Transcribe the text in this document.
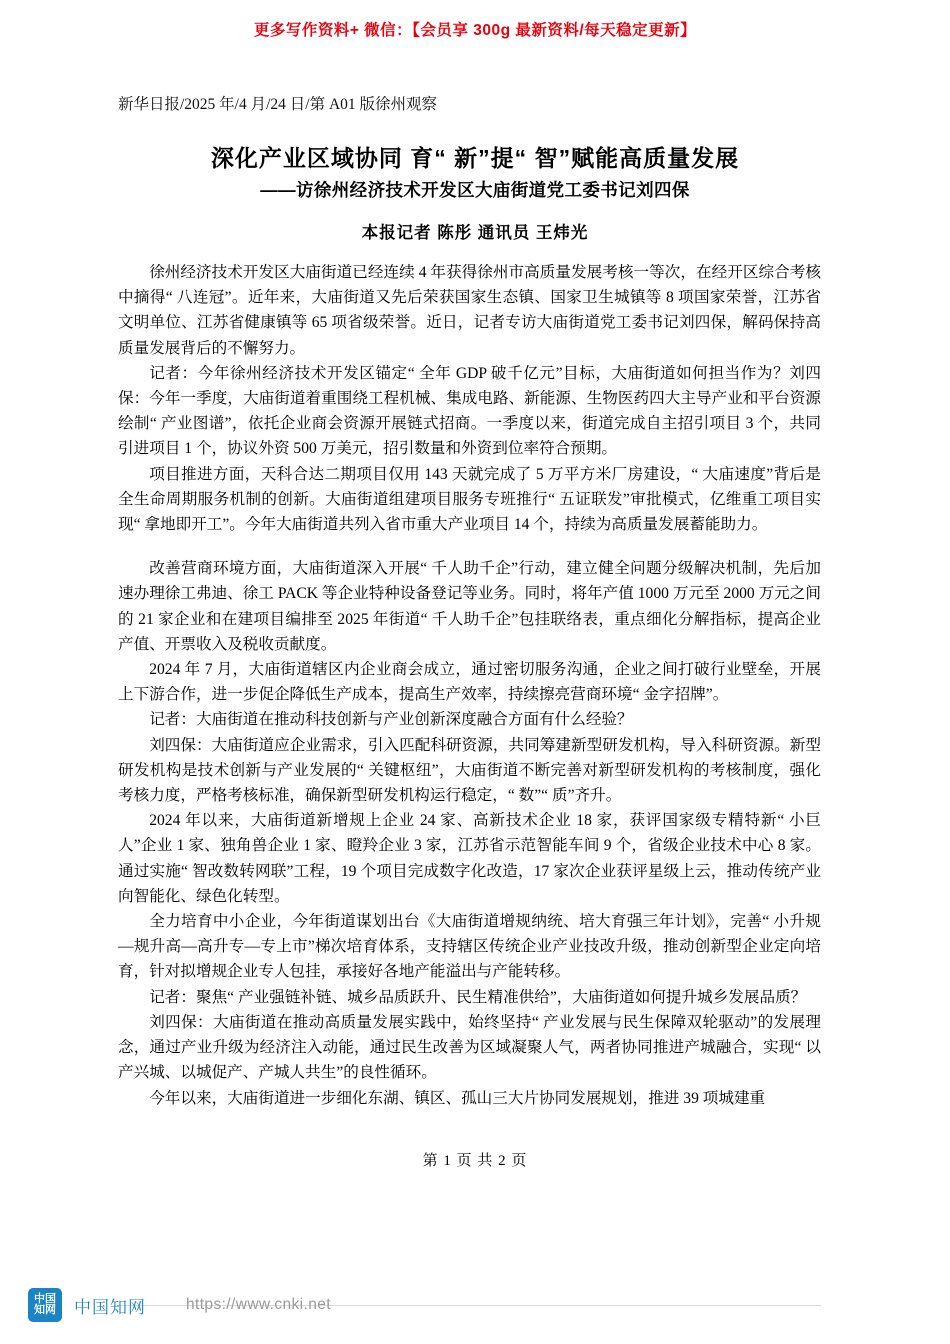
更多写作资料+ 微信：【会员享 300g 最新资料/每天稳定更新】
新华日报/2025 年/4 月/24 日/第 A01 版徐州观察
深化产业区域协同 育“ 新”提“ 智”赋能高质量发展
——访徐州经济技术开发区大庙街道党工委书记刘四保
本报记者 陈彤 通讯员 王炜光

徐州经济技术开发区大庙街道已经连续 4 年获得徐州市高质量发展考核一等次，在经开区综合考核中摘得“ 八连冠”。近年来，大庙街道又先后荣获国家生态镇、国家卫生城镇等 8 项国家荣誉，江苏省文明单位、江苏省健康镇等 65 项省级荣誉。近日，记者专访大庙街道党工委书记刘四保，解码保持高质量发展背后的不懈努力。

记者：今年徐州经济技术开发区锚定“ 全年 GDP 破千亿元”目标，大庙街道如何担当作为？刘四保：今年一季度，大庙街道着重围绕工程机械、集成电路、新能源、生物医药四大主导产业和平台资源绘制“ 产业图谱”，依托企业商会资源开展链式招商。一季度以来，街道完成自主招引项目 3 个，共同引进项目 1 个，协议外资 500 万美元，招引数量和外资到位率符合预期。

项目推进方面，天科合达二期项目仅用 143 天就完成了 5 万平方米厂房建设，“ 大庙速度”背后是全生命周期服务机制的创新。大庙街道组建项目服务专班推行“ 五证联发”审批模式，亿维重工项目实现“ 拿地即开工”。今年大庙街道共列入省市重大产业项目 14 个，持续为高质量发展蓄能助力。

改善营商环境方面，大庙街道深入开展“ 千人助千企”行动，建立健全问题分级解决机制，先后加速办理徐工弗迪、徐工 PACK 等企业特种设备登记等业务。同时，将年产值 1000 万元至 2000 万元之间的 21 家企业和在建项目编排至 2025 年街道“ 千人助千企”包挂联络表，重点细化分解指标，提高企业产值、开票收入及税收贡献度。

2024 年 7 月，大庙街道辖区内企业商会成立，通过密切服务沟通，企业之间打破行业壁垒，开展上下游合作，进一步促企降低生产成本，提高生产效率，持续擦亮营商环境“ 金字招牌”。

记者：大庙街道在推动科技创新与产业创新深度融合方面有什么经验？

刘四保：大庙街道应企业需求，引入匹配科研资源，共同筹建新型研发机构，导入科研资源。新型研发机构是技术创新与产业发展的“ 关键枢纽”，大庙街道不断完善对新型研发机构的考核制度，强化考核力度，严格考核标准，确保新型研发机构运行稳定，“ 数”“ 质”齐升。

2024 年以来，大庙街道新增规上企业 24 家、高新技术企业 18 家，获评国家级专精特新“ 小巨人”企业 1 家、独角兽企业 1 家、瞪羚企业 3 家，江苏省示范智能车间 9 个，省级企业技术中心 8 家。通过实施“ 智改数转网联”工程，19 个项目完成数字化改造，17 家次企业获评星级上云，推动传统产业向智能化、绿色化转型。

全力培育中小企业，今年街道谋划出台《大庙街道增规纳统、培大育强三年计划》，完善“ 小升规—规升高—高升专—专上市”梯次培育体系，支持辖区传统企业产业技改升级，推动创新型企业定向培育，针对拟增规企业专人包挂，承接好各地产能溢出与产能转移。

记者：聚焦“ 产业强链补链、城乡品质跃升、民生精准供给”，大庙街道如何提升城乡发展品质？

刘四保：大庙街道在推动高质量发展实践中，始终坚持“ 产业发展与民生保障双轮驱动”的发展理念，通过产业升级为经济注入动能，通过民生改善为区域凝聚人气，两者协同推进产城融合，实现“ 以产兴城、以城促产、产城人共生”的良性循环。

今年以来，大庙街道进一步细化东湖、镇区、孤山三大片协同发展规划，推进 39 项城建重

第 1 页 共 2 页
中国
知网 中国知网	https://www.cnki.net
